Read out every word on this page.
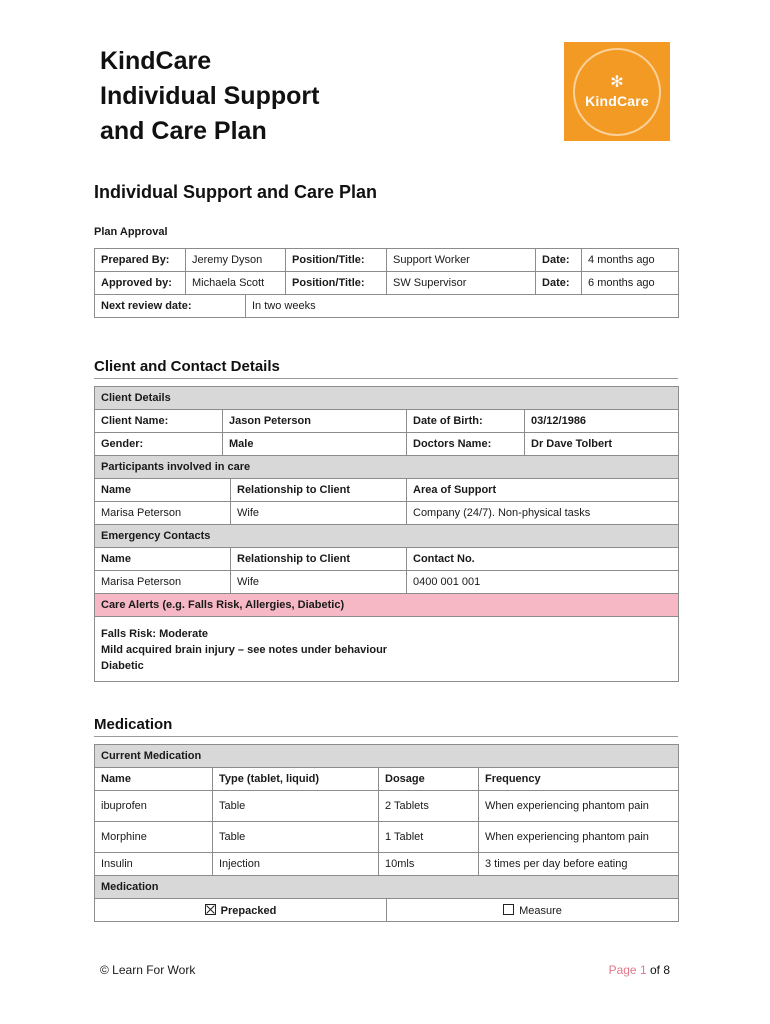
KindCare
Individual Support
and Care Plan
✻
KindCare
Individual Support and Care Plan
Plan Approval
Prepared By:	Jeremy Dyson		Position/Title:	Support Worker	Date:	4 months ago
Approved by:	Michaela Scott		Position/Title:	SW Supervisor	Date:	6 months ago
Next review date:		In two weeks				
Client and Contact Details
Client Details				
Client Name:	Jason Peterson		Date of Birth:	03/12/1986
Gender:	Male		Doctors Name:	Dr Dave Tolbert
Participants involved in care				
Name		Relationship to Client	Area of Support	
Marisa Peterson		Wife	Company (24/7). Non-physical tasks	
Emergency Contacts				
Name		Relationship to Client	Contact No.	
Marisa Peterson		Wife	0400 001 001	
Care Alerts (e.g. Falls Risk, Allergies, Diabetic)				

Falls Risk: Moderate
Mild acquired brain injury – see notes under behaviour
Diabetic				
Medication
Current Medication				
Name	Type (tablet, liquid)	Dosage		Frequency
ibuprofen	Table	2 Tablets		When experiencing phantom pain
Morphine	Table	1 Tablet		When experiencing phantom pain
Insulin	Injection	10mls		3 times per day before eating
Medication				
Prepacked			Measure	
© Learn For Work	Page 1 of 8
